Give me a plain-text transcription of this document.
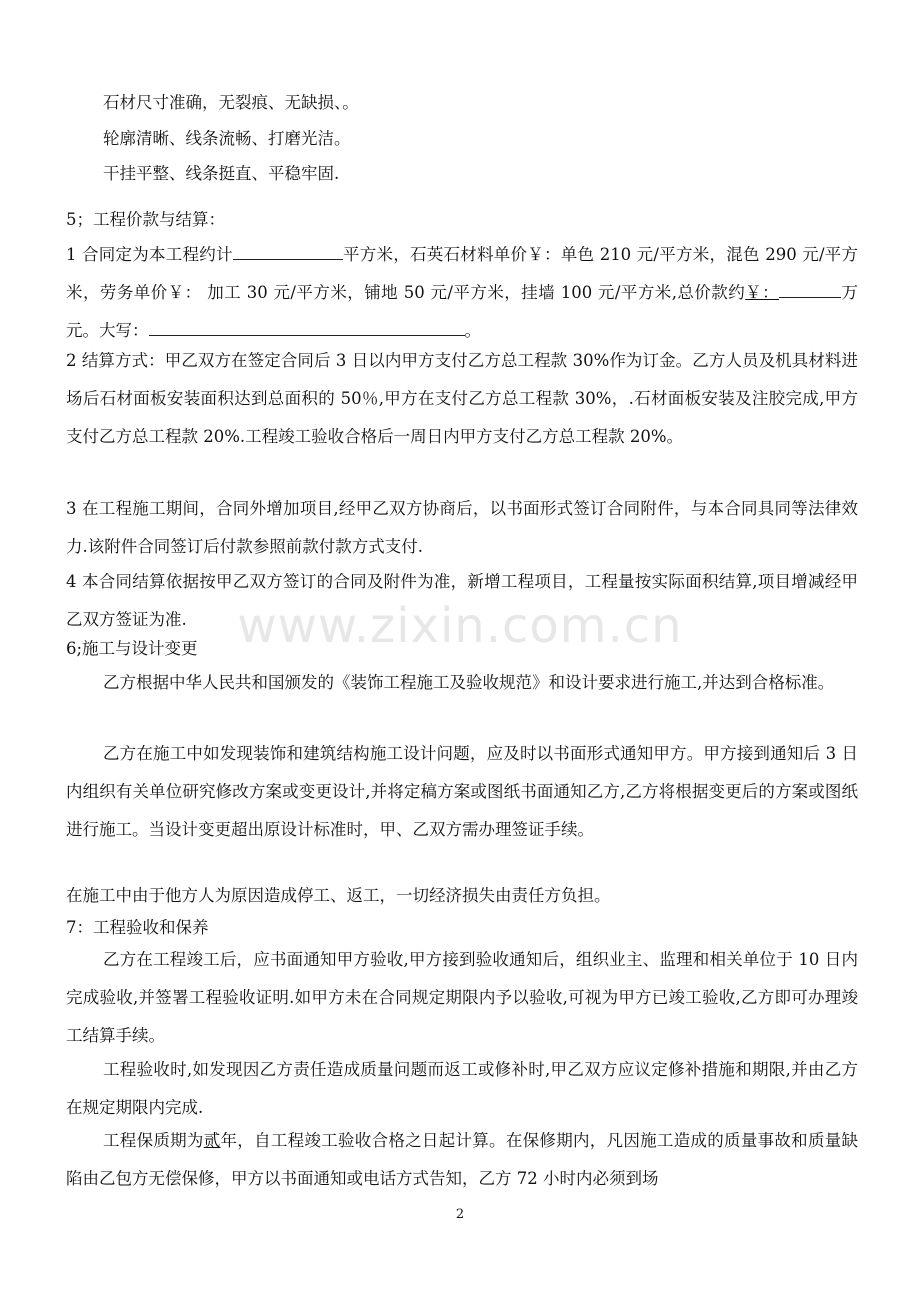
石材尺寸准确，无裂痕、无缺损、。

轮廓清晰、线条流畅、打磨光洁。

干挂平整、线条挺直、平稳牢固.

5；工程价款与结算：

1 合同定为本工程约计	平方米，石英石材料单价￥：单色 210 元/平方米，混色 290 元/平方米，劳务单价￥： 加工 30 元/平方米，铺地 50 元/平方米，挂墙 100 元/平方米,总价款约￥：	万元。大写：	。

2 结算方式：甲乙双方在签定合同后 3 日以内甲方支付乙方总工程款 30%作为订金。乙方人员及机具材料进场后石材面板安装面积达到总面积的 50％,甲方在支付乙方总工程款 30%，.石材面板安装及注胶完成,甲方支付乙方总工程款 20%.工程竣工验收合格后一周日内甲方支付乙方总工程款 20%。

3 在工程施工期间，合同外增加项目,经甲乙双方协商后，以书面形式签订合同附件，与本合同具同等法律效力.该附件合同签订后付款参照前款付款方式支付.

4 本合同结算依据按甲乙双方签订的合同及附件为准，新增工程项目，工程量按实际面积结算,项目增减经甲乙双方签证为准.

6;施工与设计变更

乙方根据中华人民共和国颁发的《装饰工程施工及验收规范》和设计要求进行施工,并达到合格标准。

乙方在施工中如发现装饰和建筑结构施工设计问题，应及时以书面形式通知甲方。甲方接到通知后 3 日内组织有关单位研究修改方案或变更设计,并将定稿方案或图纸书面通知乙方,乙方将根据变更后的方案或图纸进行施工。当设计变更超出原设计标准时，甲、乙双方需办理签证手续。

在施工中由于他方人为原因造成停工、返工，一切经济损失由责任方负担。

7：工程验收和保养

乙方在工程竣工后，应书面通知甲方验收,甲方接到验收通知后，组织业主、监理和相关单位于 10 日内完成验收,并签署工程验收证明.如甲方未在合同规定期限内予以验收,可视为甲方已竣工验收,乙方即可办理竣工结算手续。

工程验收时,如发现因乙方责任造成质量问题而返工或修补时,甲乙双方应议定修补措施和期限,并由乙方在规定期限内完成.

工程保质期为贰年，自工程竣工验收合格之日起计算。在保修期内，凡因施工造成的质量事故和质量缺陷由乙包方无偿保修，甲方以书面通知或电话方式告知，乙方 72 小时内必须到场

www.zixin.com.cn
2
